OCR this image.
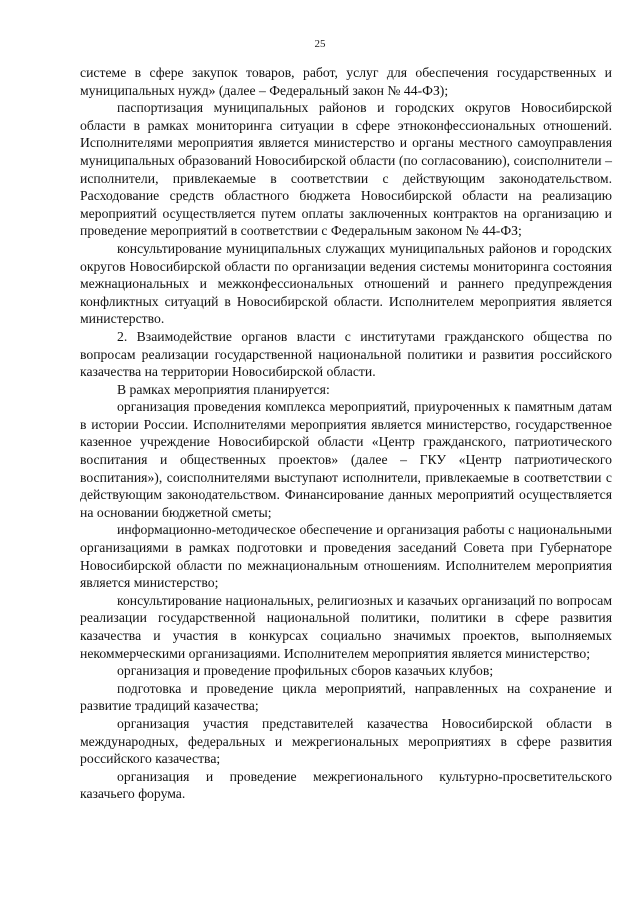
25

системе в сфере закупок товаров, работ, услуг для обеспечения государственных и муниципальных нужд» (далее – Федеральный закон № 44-ФЗ);

паспортизация муниципальных районов и городских округов Новосибирской области в рамках мониторинга ситуации в сфере этноконфессиональных отношений. Исполнителями мероприятия является министерство и органы местного самоуправления муниципальных образований Новосибирской области (по согласованию), соисполнители – исполнители, привлекаемые в соответствии с действующим законодательством. Расходование средств областного бюджета Новосибирской области на реализацию мероприятий осуществляется путем оплаты заключенных контрактов на организацию и проведение мероприятий в соответствии с Федеральным законом № 44-ФЗ;

консультирование муниципальных служащих муниципальных районов и городских округов Новосибирской области по организации ведения системы мониторинга состояния межнациональных и межконфессиональных отношений и раннего предупреждения конфликтных ситуаций в Новосибирской области. Исполнителем мероприятия является министерство.

2. Взаимодействие органов власти с институтами гражданского общества по вопросам реализации государственной национальной политики и развития российского казачества на территории Новосибирской области.

В рамках мероприятия планируется:

организация проведения комплекса мероприятий, приуроченных к памятным датам в истории России. Исполнителями мероприятия является министерство, государственное казенное учреждение Новосибирской области «Центр гражданского, патриотического воспитания и общественных проектов» (далее – ГКУ «Центр патриотического воспитания»), соисполнителями выступают исполнители, привлекаемые в соответствии с действующим законодательством. Финансирование данных мероприятий осуществляется на основании бюджетной сметы;

информационно-методическое обеспечение и организация работы с национальными организациями в рамках подготовки и проведения заседаний Совета при Губернаторе Новосибирской области по межнациональным отношениям. Исполнителем мероприятия является министерство;

консультирование национальных, религиозных и казачьих организаций по вопросам реализации государственной национальной политики, политики в сфере развития казачества и участия в конкурсах социально значимых проектов, выполняемых некоммерческими организациями. Исполнителем мероприятия является министерство;

организация и проведение профильных сборов казачьих клубов;

подготовка и проведение цикла мероприятий, направленных на сохранение и развитие традиций казачества;

организация участия представителей казачества Новосибирской области в международных, федеральных и межрегиональных мероприятиях в сфере развития российского казачества;

организация и проведение межрегионального культурно-просветительского казачьего форума.
